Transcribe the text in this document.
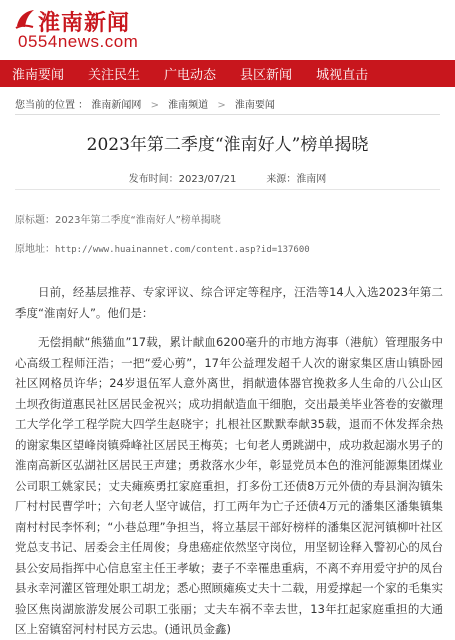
淮南新闻
0554news.com
淮南要闻 关注民生 广电动态 县区新闻 城视直击
您当前的位置 ： 淮南新闻网 > 淮南频道 > 淮南要闻
2023年第二季度“淮南好人”榜单揭晓
发布时间：2023/07/21	来源：淮南网
原标题：2023年第二季度“淮南好人”榜单揭晓
原地址：http://www.huainannet.com/content.asp?id=137600

日前，经基层推荐、专家评议、综合评定等程序，汪浩等14人入选2023年第二季度“淮南好人”。他们是：

无偿捐献“熊猫血”17载，累计献血6200毫升的市地方海事（港航）管理服务中心高级工程师汪浩；一把“爱心剪”，17年公益理发超千人次的谢家集区唐山镇卧园社区网格员许华；24岁退伍军人意外离世，捐献遗体器官挽救多人生命的八公山区土坝孜街道惠民社区居民金祝兴；成功捐献造血干细胞，交出最美毕业答卷的安徽理工大学化学工程学院大四学生赵晓宇；扎根社区默默奉献35载，退而不休发挥余热的谢家集区望峰岗镇舜峰社区居民王梅英；七旬老人勇跳湖中，成功救起溺水男子的淮南高新区弘湖社区居民王声建；勇救落水少年，彰显党员本色的淮河能源集团煤业公司职工姚家民；丈夫瘫痪勇扛家庭重担，打多份工还债8万元外债的寿县涧沟镇朱厂村村民曹学叶；六旬老人坚守诚信，打工两年为亡子还债4万元的潘集区潘集镇集南村村民李怀利；“小巷总理”争担当，将立基层干部好榜样的潘集区泥河镇柳叶社区党总支书记、居委会主任周俊；身患癌症依然坚守岗位，用坚韧诠释入警初心的凤台县公安局指挥中心信息室主任王孝敏；妻子不幸罹患重病，不离不弃用爱守护的凤台县永幸河灌区管理处职工胡龙；悉心照顾瘫痪丈夫十二载，用爱撑起一个家的毛集实验区焦岗湖旅游发展公司职工张丽；丈夫车祸不幸去世，13年扛起家庭重担的大通区上窑镇窑河村村民方云忠。(通讯员金鑫)
